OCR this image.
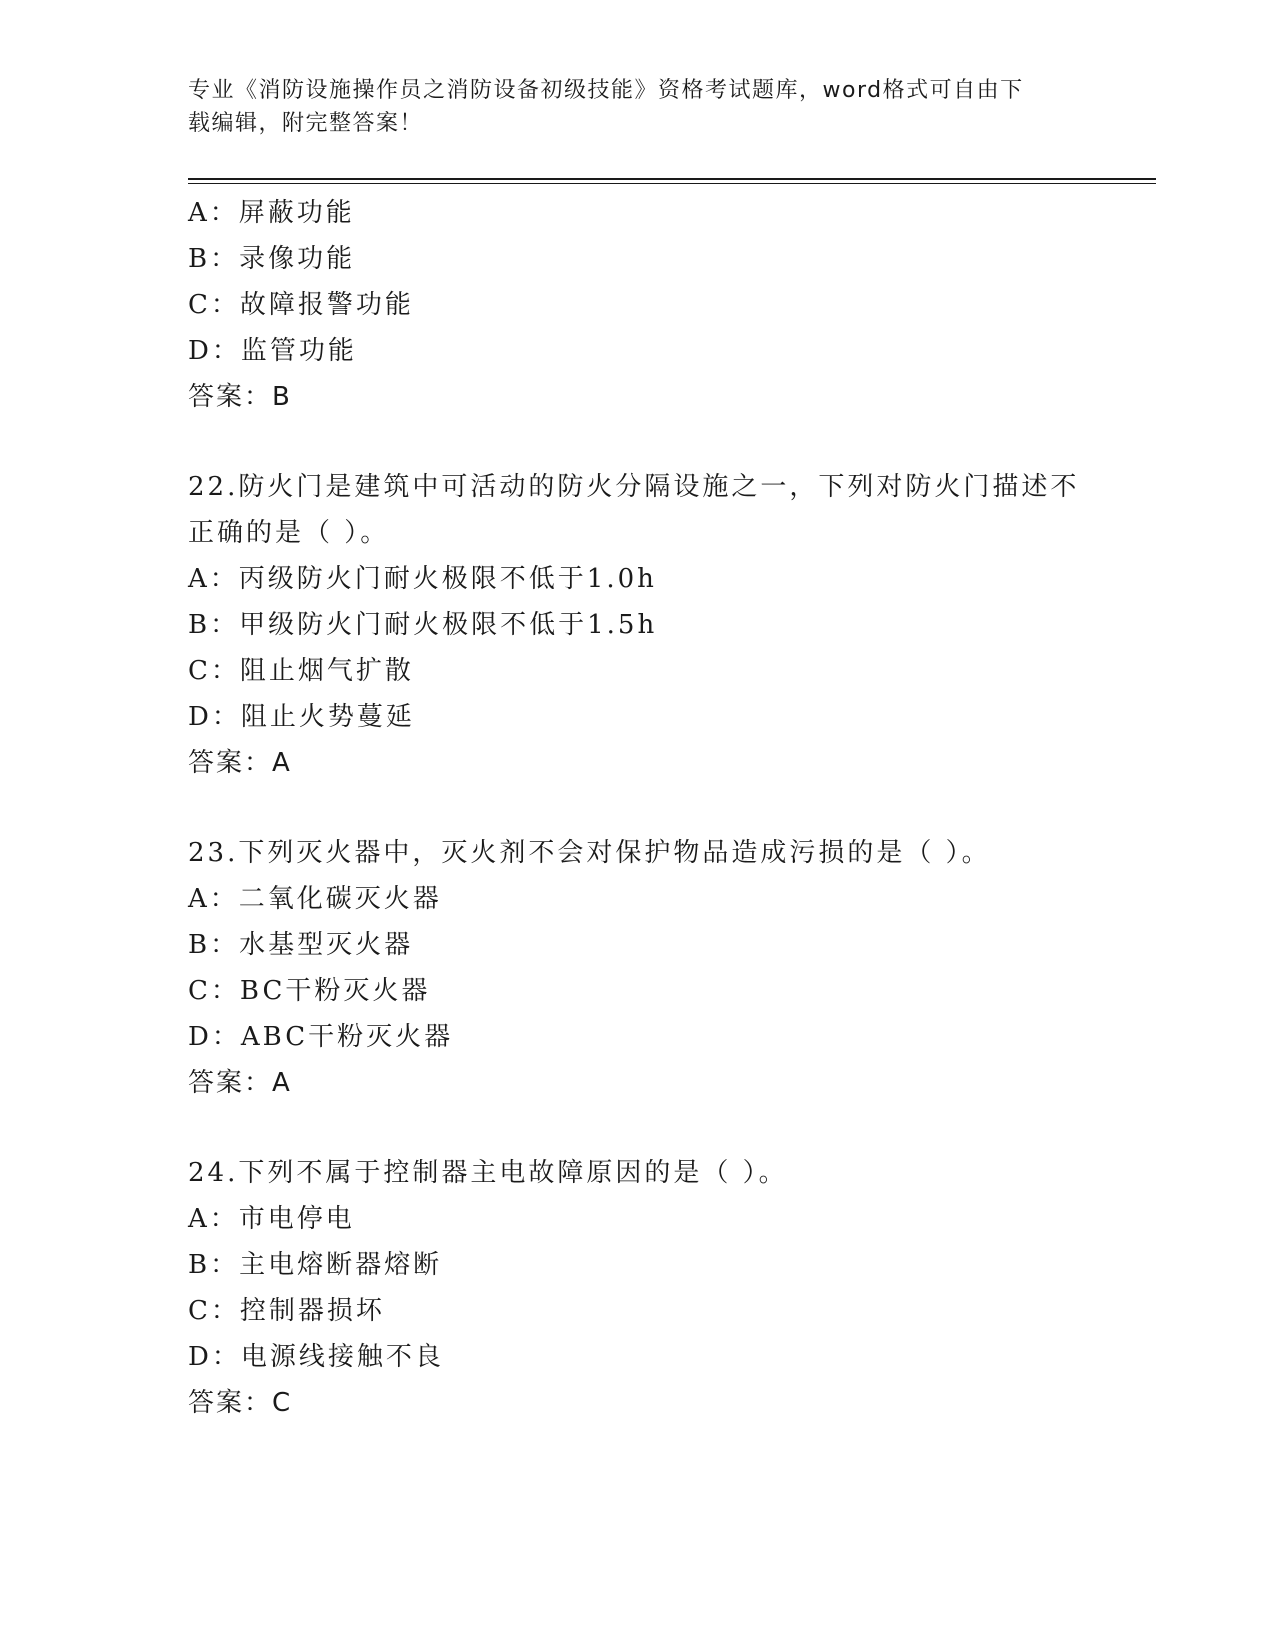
专业《消防设施操作员之消防设备初级技能》资格考试题库，word格式可自由下
载编辑，附完整答案！
A：屏蔽功能
B：录像功能
C：故障报警功能
D：监管功能
答案：B
22.防火门是建筑中可活动的防火分隔设施之一，下列对防火门描述不
正确的是（ ）。
A：丙级防火门耐火极限不低于1.0h
B：甲级防火门耐火极限不低于1.5h
C：阻止烟气扩散
D：阻止火势蔓延
答案：A
23.下列灭火器中，灭火剂不会对保护物品造成污损的是（ ）。
A：二氧化碳灭火器
B：水基型灭火器
C：BC干粉灭火器
D：ABC干粉灭火器
答案：A
24.下列不属于控制器主电故障原因的是（ ）。
A：市电停电
B：主电熔断器熔断
C：控制器损坏
D：电源线接触不良
答案：C
